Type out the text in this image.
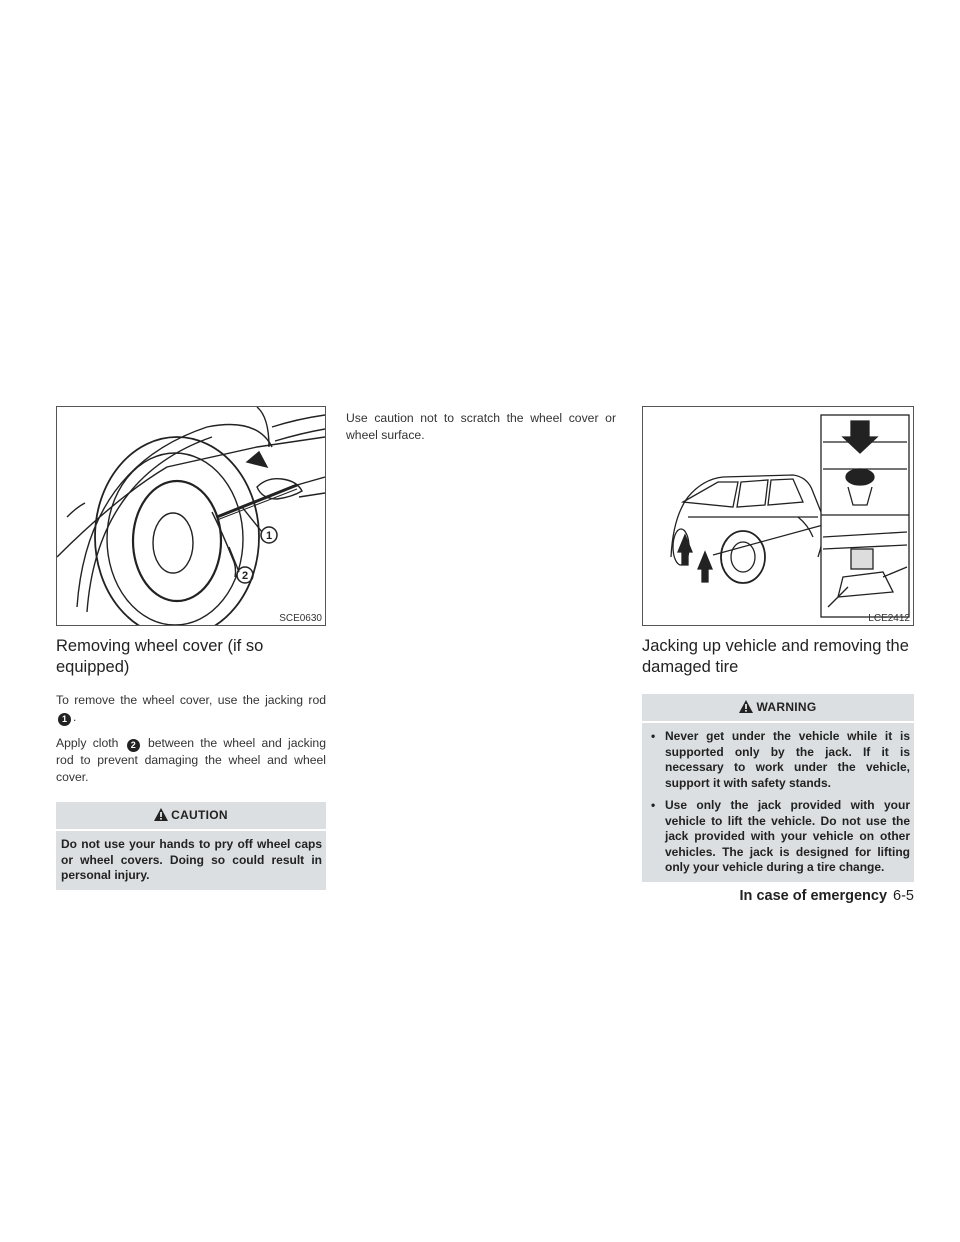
1
2
SCE0630
Removing wheel cover (if so equipped)

To remove the wheel cover, use the jacking rod 1 .

Apply cloth 2 between the wheel and jacking rod to prevent damaging the wheel and wheel cover.

CAUTION
Do not use your hands to pry off wheel caps or wheel covers. Doing so could result in personal injury.

Use caution not to scratch the wheel cover or wheel surface.

LCE2412
Jacking up vehicle and removing the damaged tire
WARNING
• Never get under the vehicle while it is supported only by the jack. If it is necessary to work under the vehicle, support it with safety stands.
• Use only the jack provided with your vehicle to lift the vehicle. Do not use the jack provided with your vehicle on other vehicles. The jack is designed for lifting only your vehicle during a tire change.
In case of emergency 6-5
